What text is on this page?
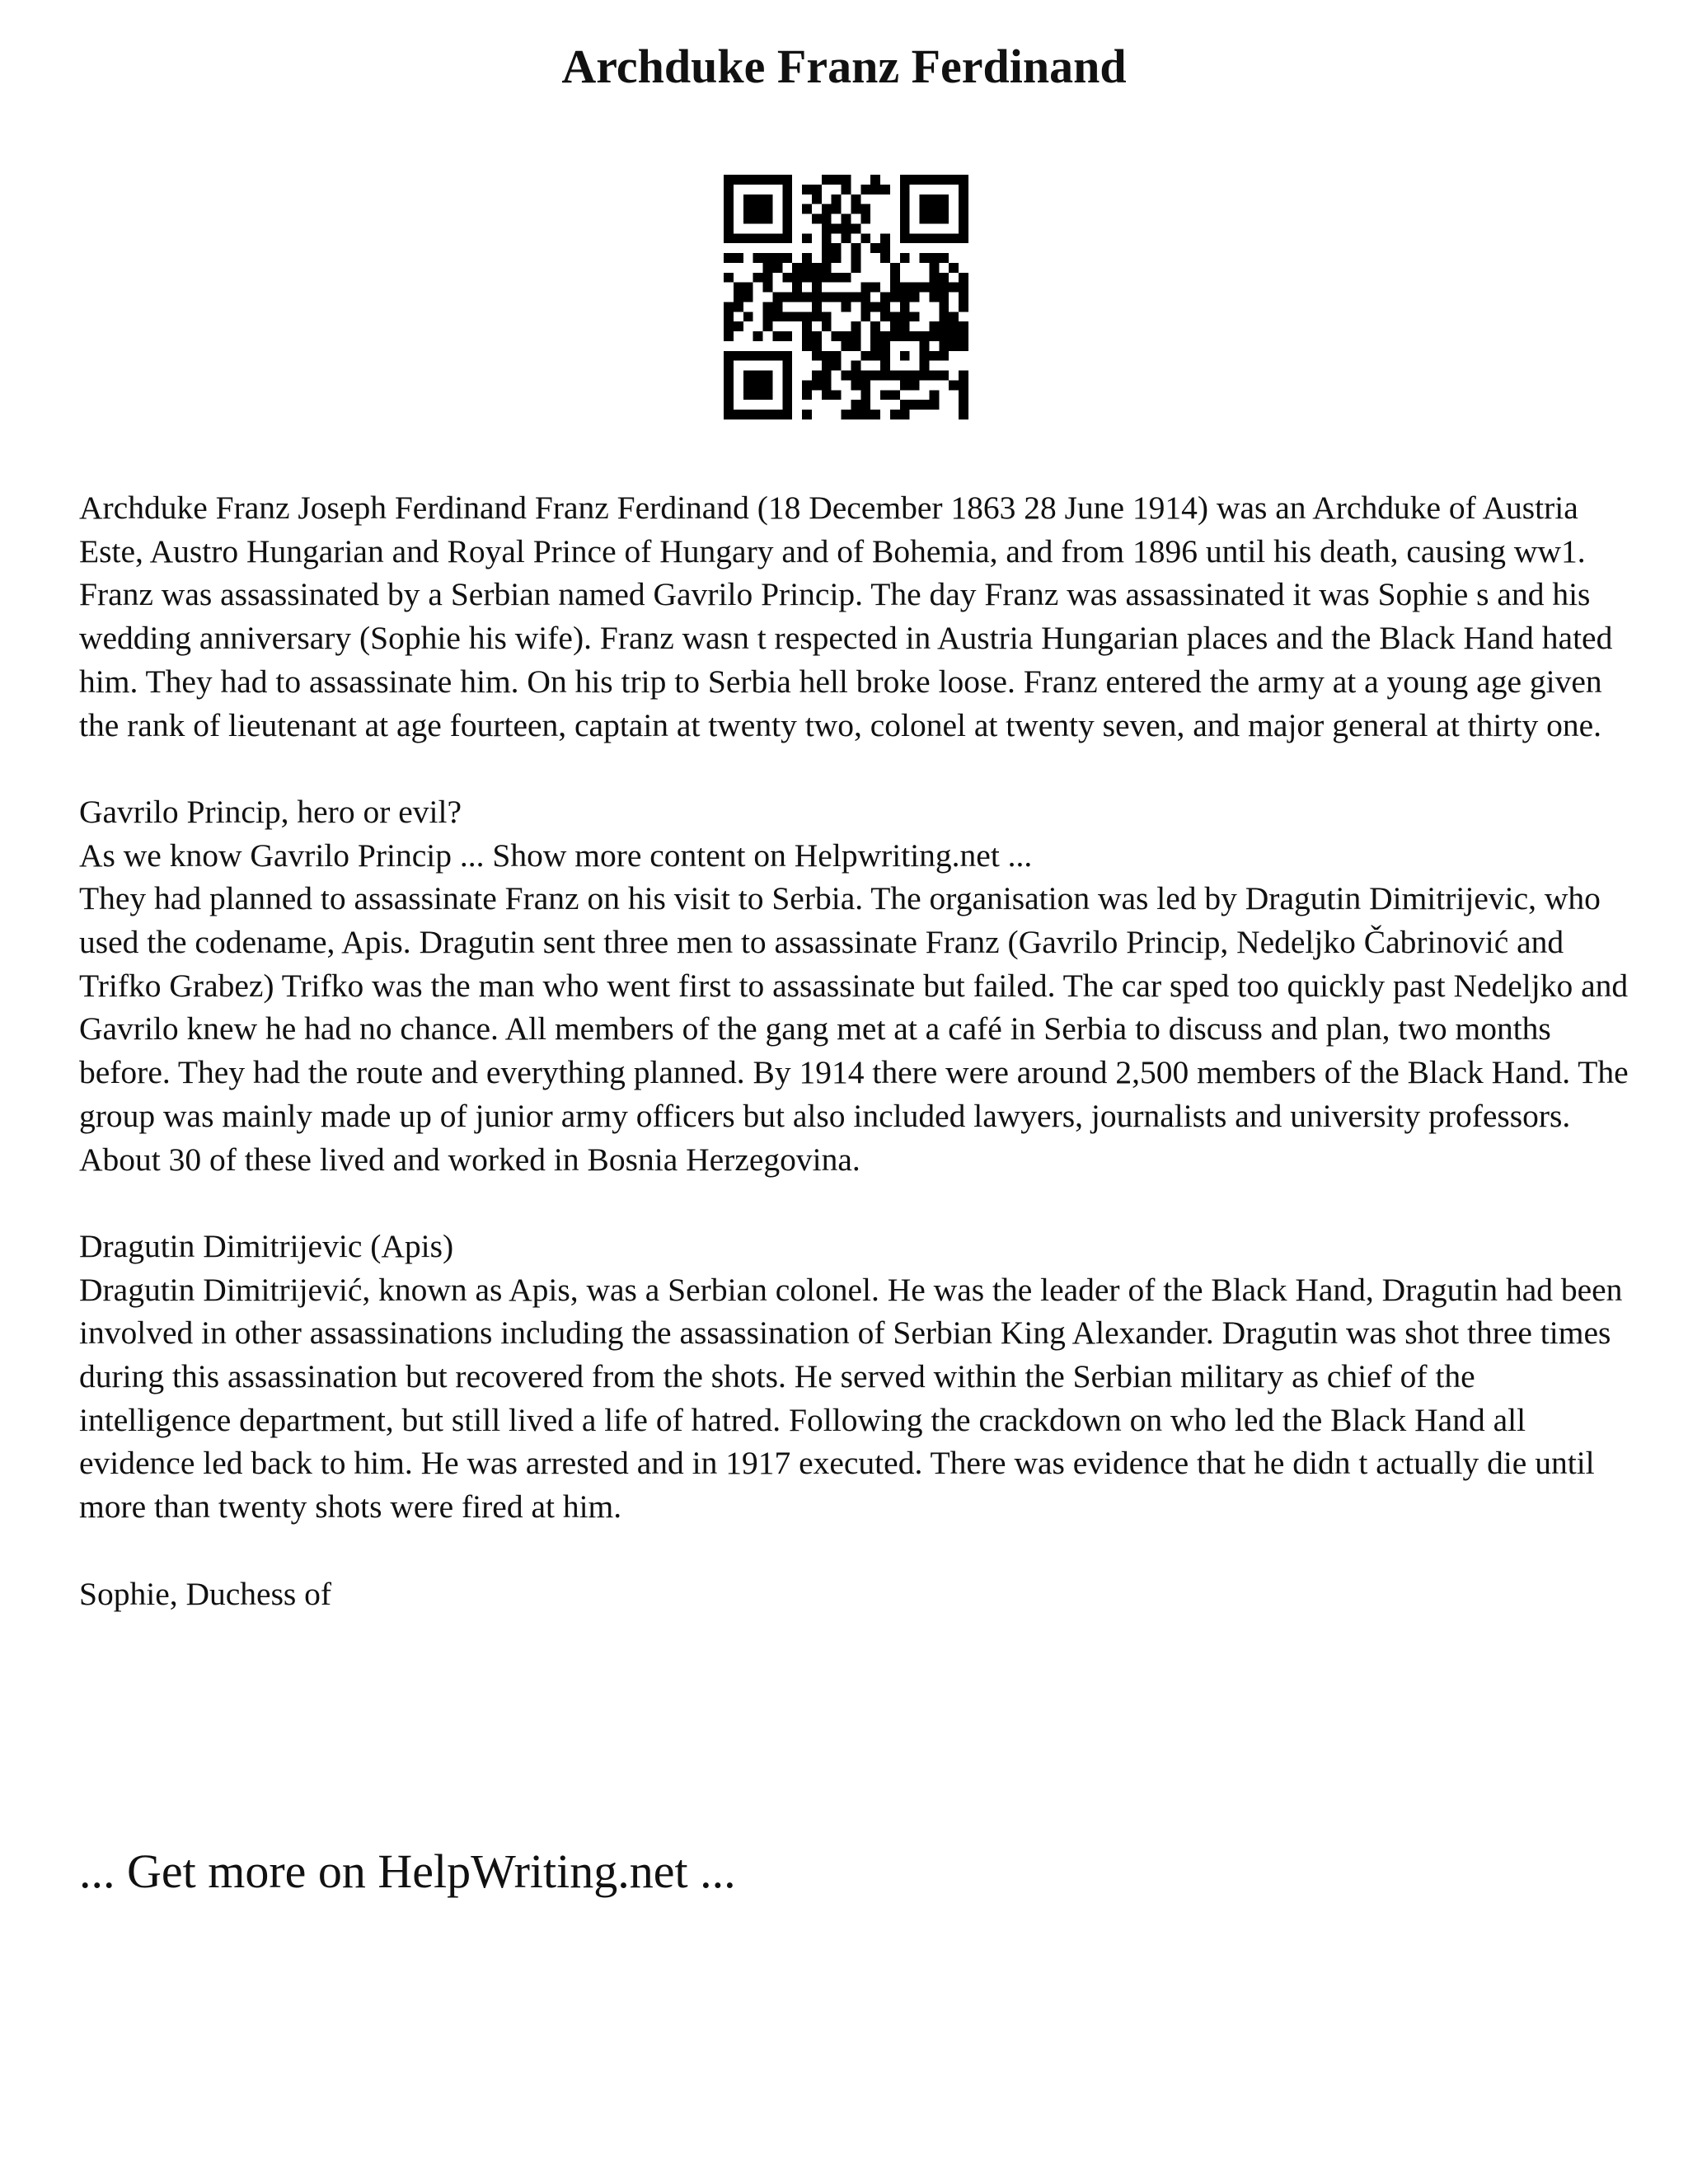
Archduke Franz Ferdinand

Archduke Franz Joseph Ferdinand Franz Ferdinand (18 December 1863 28 June 1914) was an Archduke of Austria Este, Austro Hungarian and Royal Prince of Hungary and of Bohemia, and from 1896 until his death, causing ww1. Franz was assassinated by a Serbian named Gavrilo Princip. The day Franz was assassinated it was Sophie s and his wedding anniversary (Sophie his wife). Franz wasn t respected in Austria Hungarian places and the Black Hand hated him. They had to assassinate him. On his trip to Serbia hell broke loose. Franz entered the army at a young age given the rank of lieutenant at age fourteen, captain at twenty two, colonel at twenty seven, and major general at thirty one.

Gavrilo Princip, hero or evil?

As we know Gavrilo Princip ... Show more content on Helpwriting.net ...

They had planned to assassinate Franz on his visit to Serbia. The organisation was led by Dragutin Dimitrijevic, who used the codename, Apis. Dragutin sent three men to assassinate Franz (Gavrilo Princip, Nedeljko Čabrinović and Trifko Grabez) Trifko was the man who went first to assassinate but failed. The car sped too quickly past Nedeljko and Gavrilo knew he had no chance. All members of the gang met at a café in Serbia to discuss and plan, two months before. They had the route and everything planned. By 1914 there were around 2,500 members of the Black Hand. The group was mainly made up of junior army officers but also included lawyers, journalists and university professors. About 30 of these lived and worked in Bosnia Herzegovina.

Dragutin Dimitrijevic (Apis)

Dragutin Dimitrijević, known as Apis, was a Serbian colonel. He was the leader of the Black Hand, Dragutin had been involved in other assassinations including the assassination of Serbian King Alexander. Dragutin was shot three times during this assassination but recovered from the shots. He served within the Serbian military as chief of the intelligence department, but still lived a life of hatred. Following the crackdown on who led the Black Hand all evidence led back to him. He was arrested and in 1917 executed. There was evidence that he didn t actually die until more than twenty shots were fired at him.

Sophie, Duchess of

... Get more on HelpWriting.net ...
